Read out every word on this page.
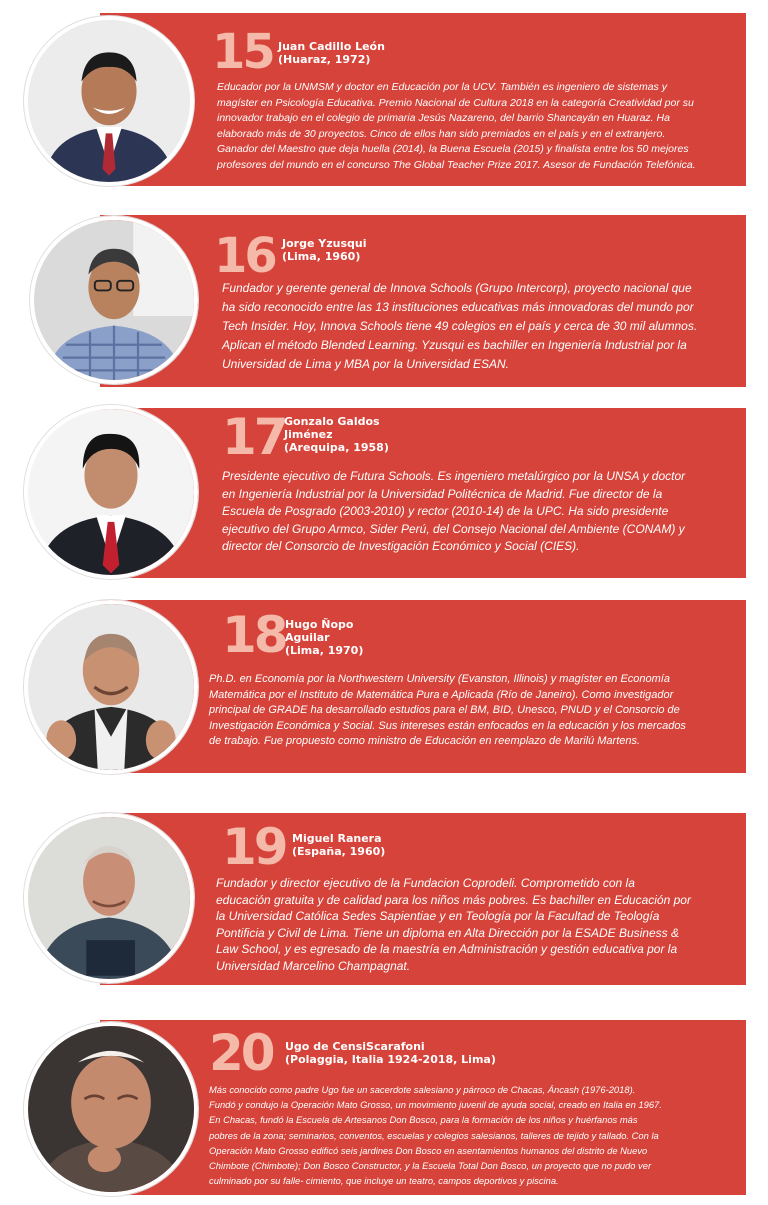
15 Juan Cadillo León
(Huaraz, 1972)
Educador por la UNMSM y doctor en Educación por la UCV. También es ingeniero de sistemas y
magíster en Psicología Educativa. Premio Nacional de Cultura 2018 en la categoría Creatividad por su
innovador trabajo en el colegio de primaria Jesús Nazareno, del barrio Shancayán en Huaraz. Ha
elaborado más de 30 proyectos. Cinco de ellos han sido premiados en el país y en el extranjero.
Ganador del Maestro que deja huella (2014), la Buena Escuela (2015) y finalista entre los 50 mejores
profesores del mundo en el concurso The Global Teacher Prize 2017. Asesor de Fundación Telefónica.
16 Jorge Yzusqui
(Lima, 1960)
Fundador y gerente general de Innova Schools (Grupo Intercorp), proyecto nacional que
ha sido reconocido entre las 13 instituciones educativas más innovadoras del mundo por
Tech Insider. Hoy, Innova Schools tiene 49 colegios en el país y cerca de 30 mil alumnos.
Aplican el método Blended Learning. Yzusqui es bachiller en Ingeniería Industrial por la
Universidad de Lima y MBA por la Universidad ESAN.
17
Gonzalo Galdos
Jiménez
(Arequipa, 1958)
Presidente ejecutivo de Futura Schools. Es ingeniero metalúrgico por la UNSA y doctor
en Ingeniería Industrial por la Universidad Politécnica de Madrid. Fue director de la
Escuela de Posgrado (2003-2010) y rector (2010-14) de la UPC. Ha sido presidente
ejecutivo del Grupo Armco, Sider Perú, del Consejo Nacional del Ambiente (CONAM) y
director del Consorcio de Investigación Económico y Social (CIES).
18 Hugo Ñopo
Aguilar
(Lima, 1970)
Ph.D. en Economía por la Northwestern University (Evanston, Illinois) y magíster en Economía
Matemática por el Instituto de Matemática Pura e Aplicada (Río de Janeiro). Como investigador
principal de GRADE ha desarrollado estudios para el BM, BID, Unesco, PNUD y el Consorcio de
Investigación Económica y Social. Sus intereses están enfocados en la educación y los mercados
de trabajo. Fue propuesto como ministro de Educación en reemplazo de Marilú Martens.
19 Miguel Ranera
(España, 1960)
Fundador y director ejecutivo de la Fundacion Coprodeli. Comprometido con la
educación gratuita y de calidad para los niños más pobres. Es bachiller en Educación por
la Universidad Católica Sedes Sapientiae y en Teología por la Facultad de Teología
Pontificia y Civil de Lima. Tiene un diploma en Alta Dirección por la ESADE Business &
Law School, y es egresado de la maestría en Administración y gestión educativa por la
Universidad Marcelino Champagnat.
20 Ugo de CensiScarafoni
(Polaggia, Italia 1924-2018, Lima)
Más conocido como padre Ugo fue un sacerdote salesiano y párroco de Chacas, Áncash (1976-2018).
Fundó y condujo la Operación Mato Grosso, un movimiento juvenil de ayuda social, creado en Italia en 1967.
En Chacas, fundó la Escuela de Artesanos Don Bosco, para la formación de los niños y huérfanos más
pobres de la zona; seminarios, conventos, escuelas y colegios salesianos, talleres de tejido y tallado. Con la
Operación Mato Grosso edificó seis jardines Don Bosco en asentamientos humanos del distrito de Nuevo
Chimbote (Chimbote); Don Bosco Constructor, y la Escuela Total Don Bosco, un proyecto que no pudo ver
culminado por su falle- cimiento, que incluye un teatro, campos deportivos y piscina.
